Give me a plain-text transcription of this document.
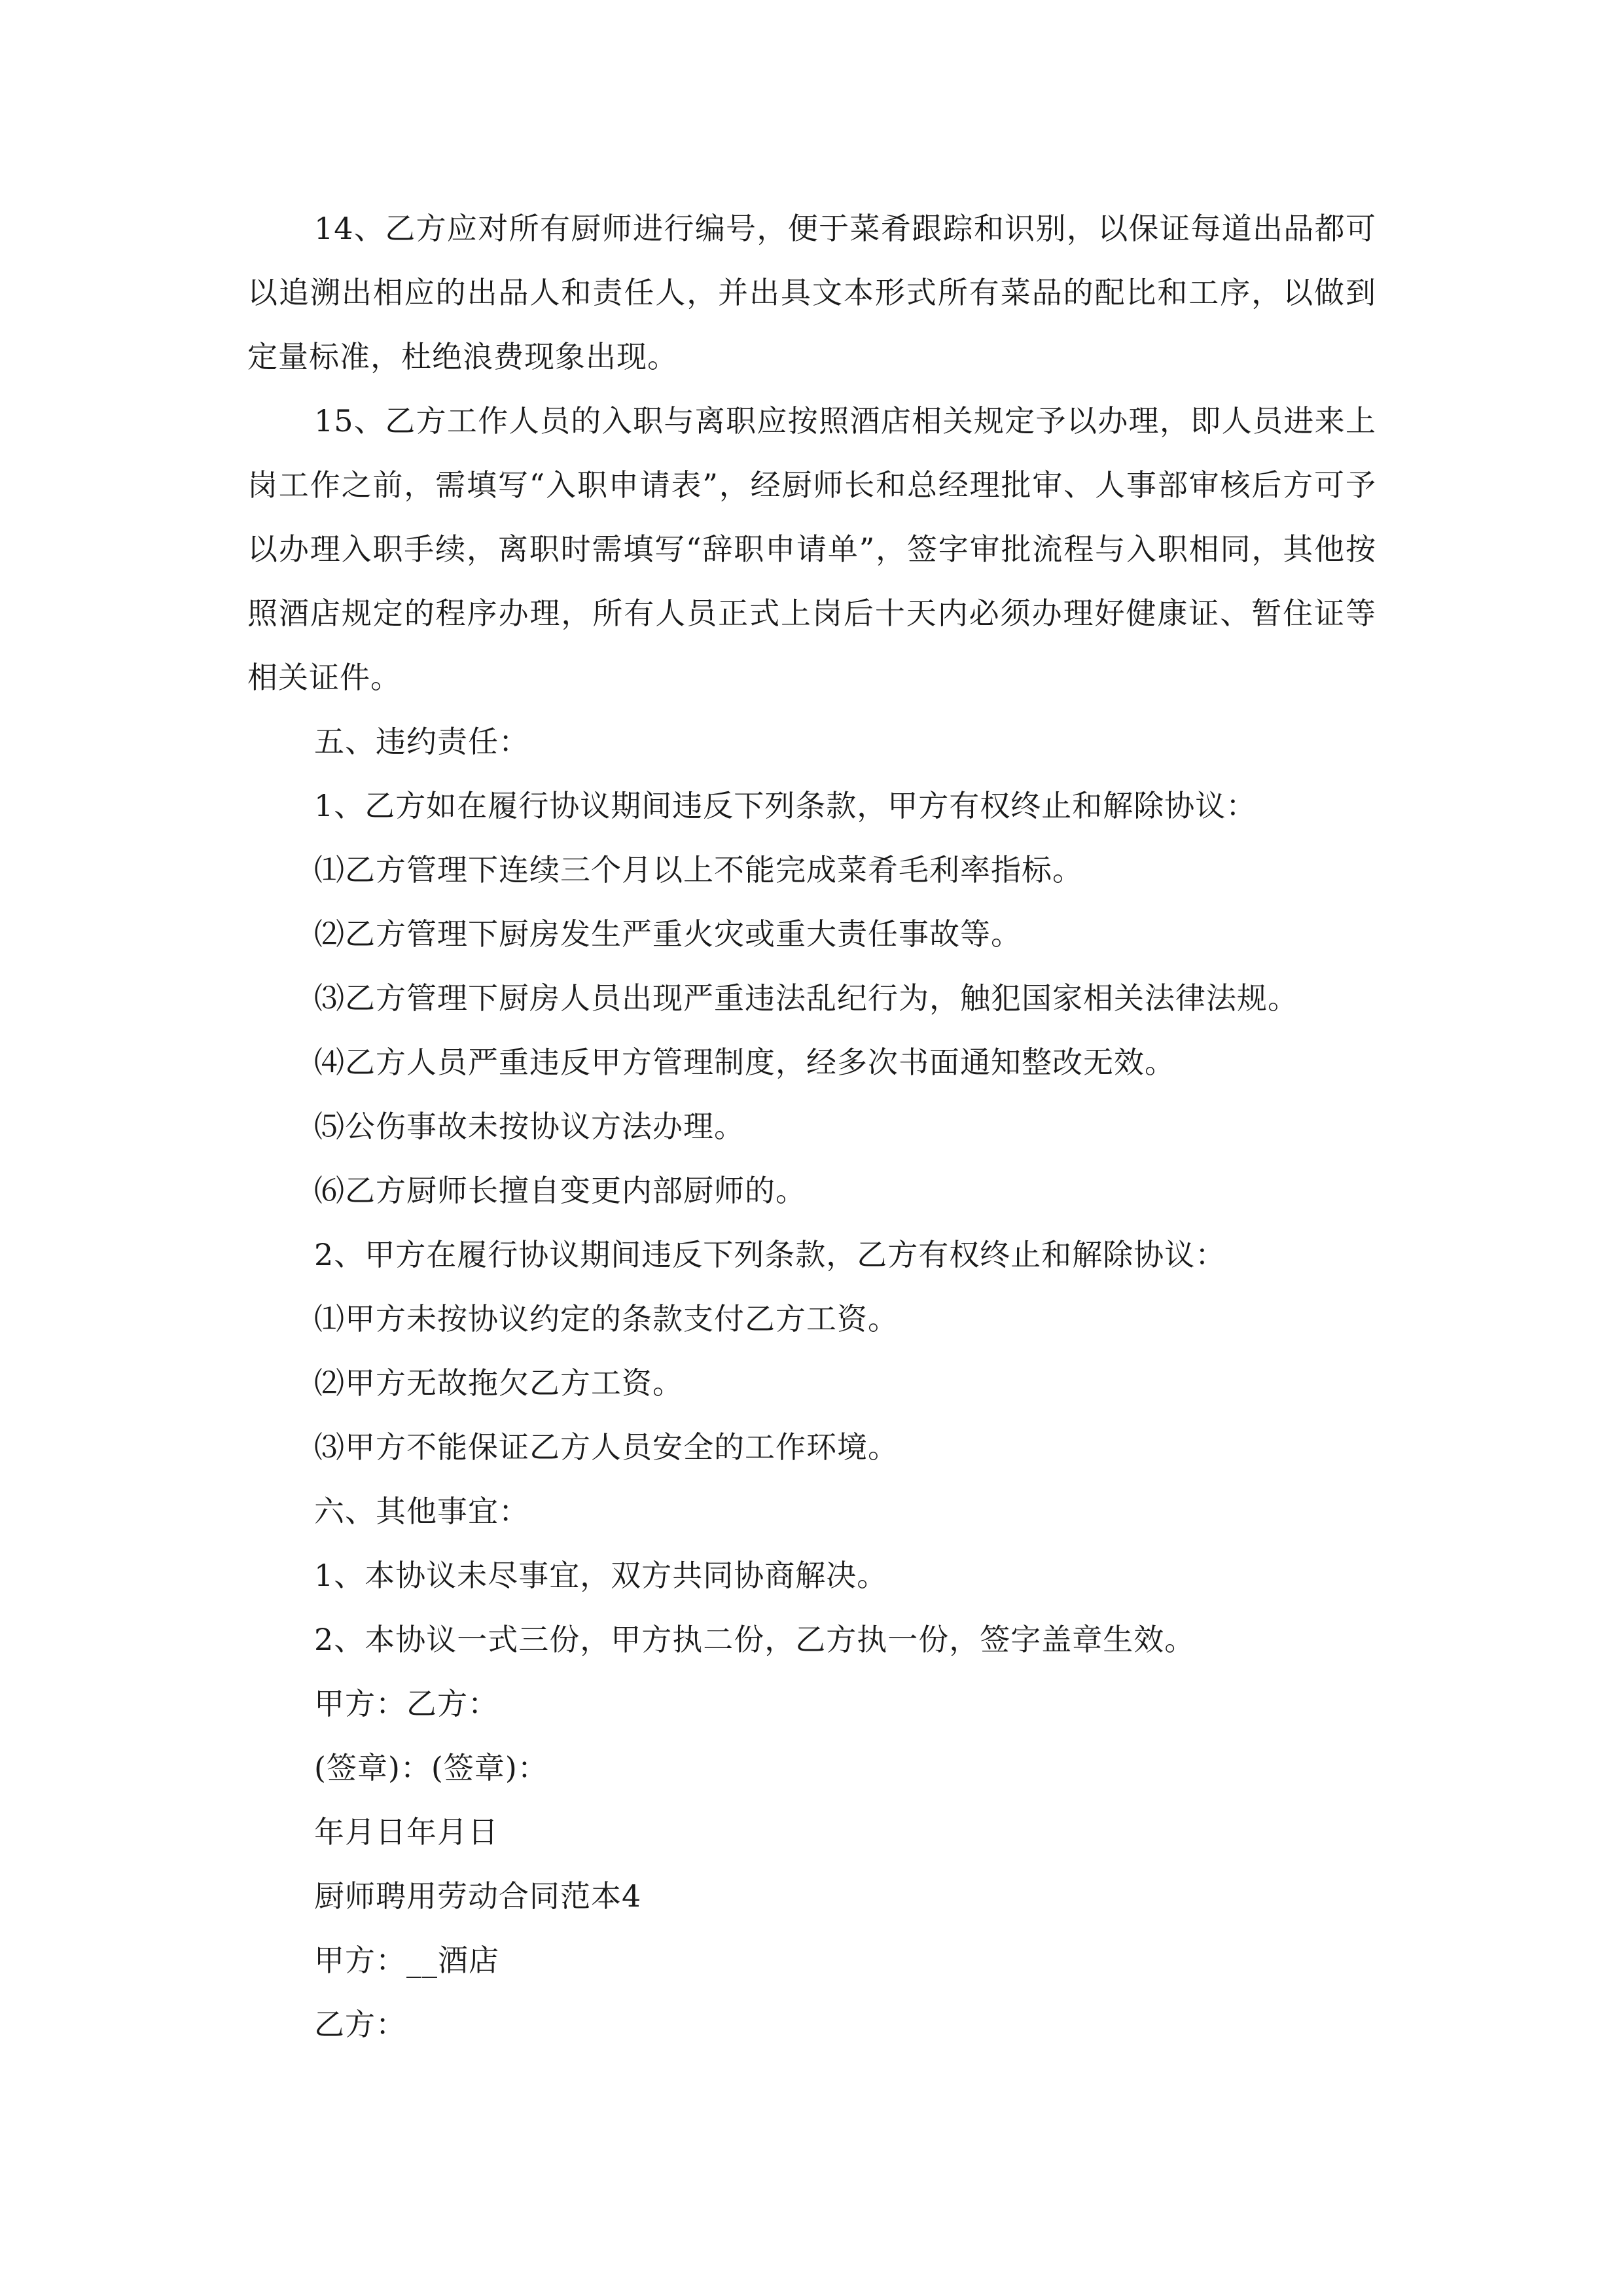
14、乙方应对所有厨师进行编号，便于菜肴跟踪和识别，以保证每道出品都可以追溯出相应的出品人和责任人，并出具文本形式所有菜品的配比和工序，以做到定量标准，杜绝浪费现象出现。

15、乙方工作人员的入职与离职应按照酒店相关规定予以办理，即人员进来上岗工作之前，需填写“入职申请表”，经厨师长和总经理批审、人事部审核后方可予以办理入职手续，离职时需填写“辞职申请单”，签字审批流程与入职相同，其他按照酒店规定的程序办理，所有人员正式上岗后十天内必须办理好健康证、暂住证等相关证件。

五、违约责任：

1、乙方如在履行协议期间违反下列条款，甲方有权终止和解除协议：

⑴乙方管理下连续三个月以上不能完成菜肴毛利率指标。

⑵乙方管理下厨房发生严重火灾或重大责任事故等。

⑶乙方管理下厨房人员出现严重违法乱纪行为，触犯国家相关法律法规。

⑷乙方人员严重违反甲方管理制度，经多次书面通知整改无效。

⑸公伤事故未按协议方法办理。

⑹乙方厨师长擅自变更内部厨师的。

2、甲方在履行协议期间违反下列条款，乙方有权终止和解除协议：

⑴甲方未按协议约定的条款支付乙方工资。

⑵甲方无故拖欠乙方工资。

⑶甲方不能保证乙方人员安全的工作环境。

六、其他事宜：

1、本协议未尽事宜，双方共同协商解决。

2、本协议一式三份，甲方执二份，乙方执一份，签字盖章生效。

甲方：乙方：

(签章)：(签章)：

年月日年月日

厨师聘用劳动合同范本4

甲方：__酒店

乙方：
